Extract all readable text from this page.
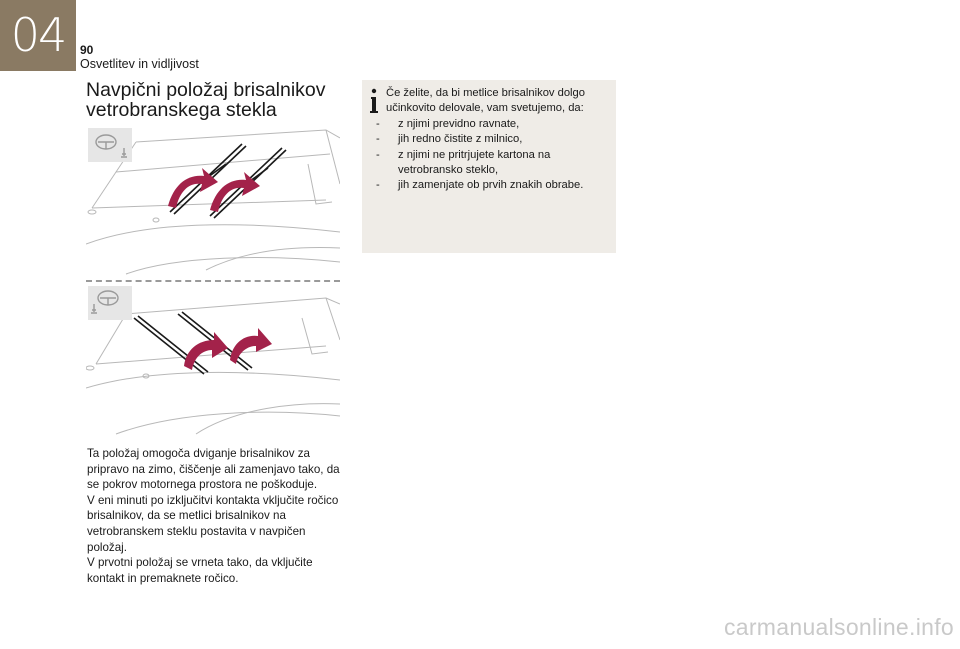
04	90
Osvetlitev in vidljivost
Navpični položaj brisalnikov vetrobranskega stekla

Ta položaj omogoča dviganje brisalnikov za pripravo na zimo, čiščenje ali zamenjavo tako, da se pokrov motornega prostora ne poškoduje.

V eni minuti po izključitvi kontakta vključite ročico brisalnikov, da se metlici brisalnikov na vetrobranskem steklu postavita v navpičen položaj.

V prvotni položaj se vrneta tako, da vključite kontakt in premaknete ročico.

Če želite, da bi metlice brisalnikov dolgo učinkovito delovale, vam svetujemo, da:

- z njimi previdno ravnate,
- jih redno čistite z milnico,
- z njimi ne pritrjujete kartona na vetrobransko steklo,
- jih zamenjate ob prvih znakih obrabe.
carmanualsonline.info
